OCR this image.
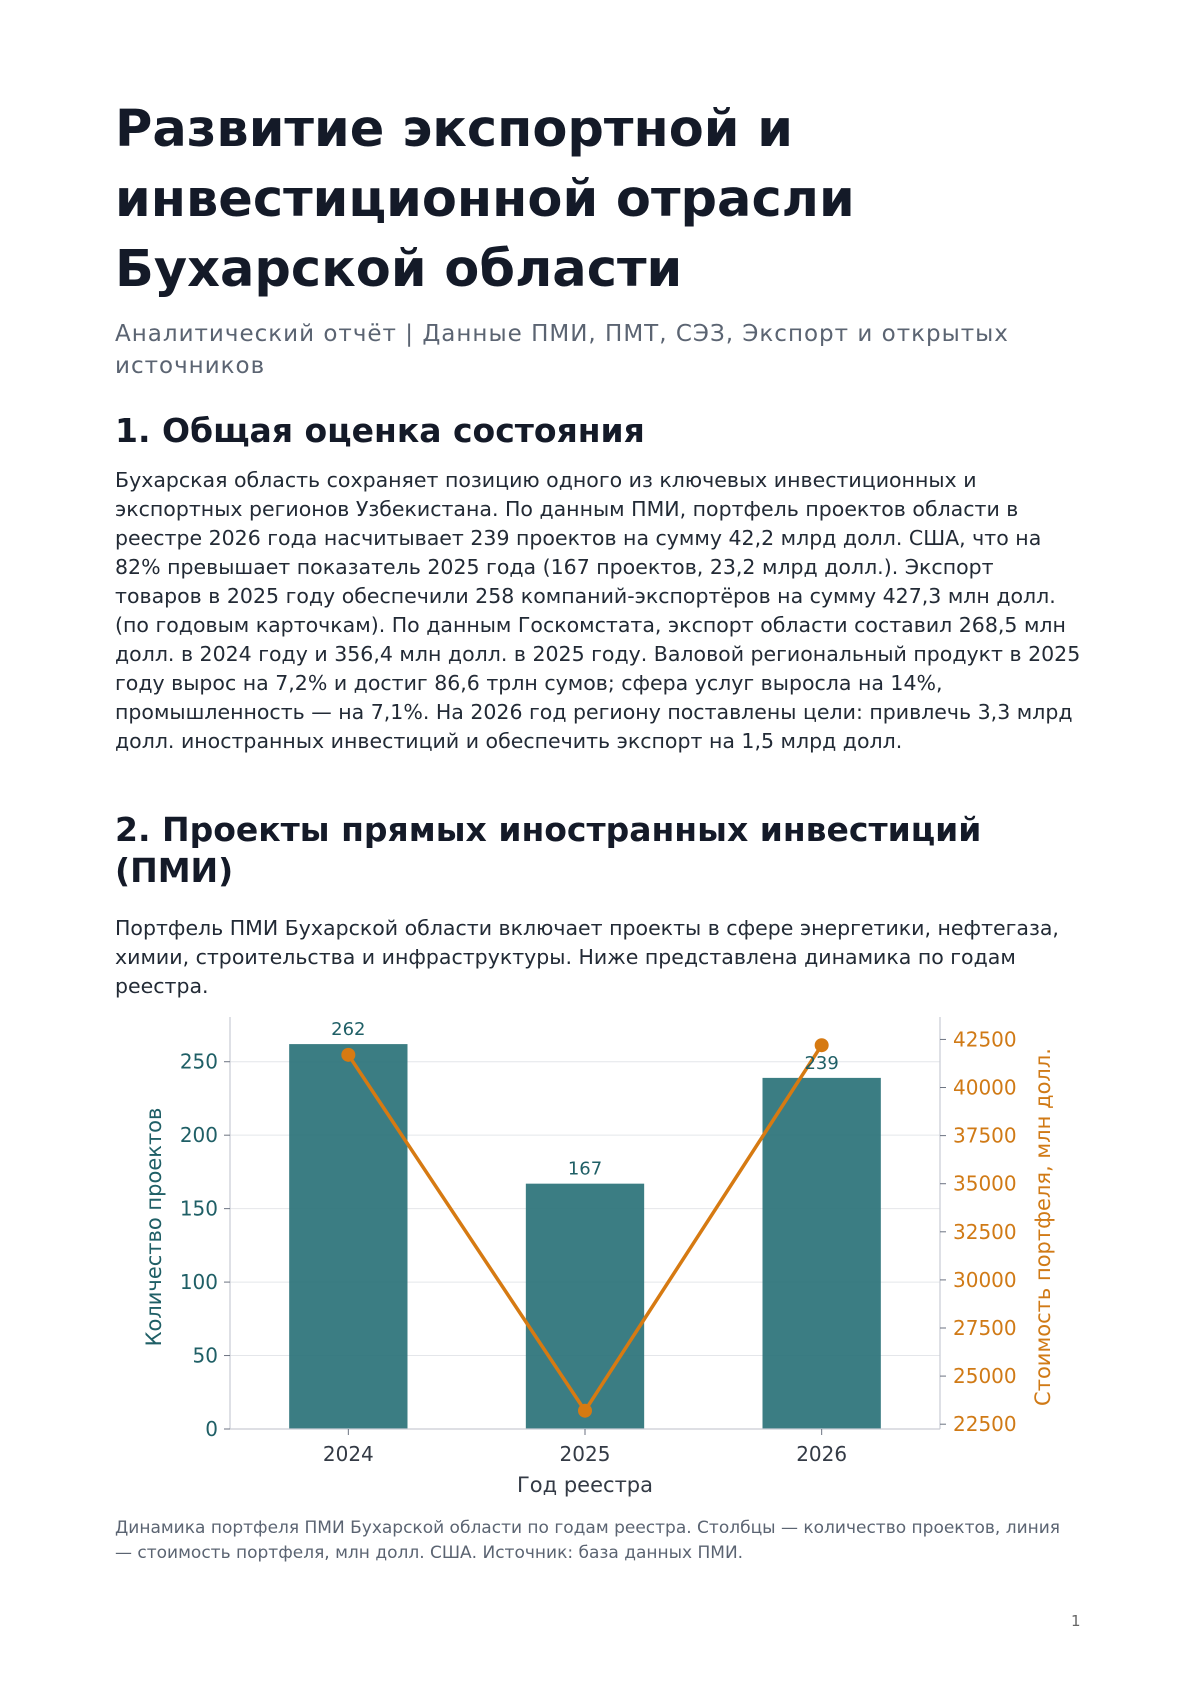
Развитие экспортной и инвестиционной отрасли Бухарской области

Аналитический отчёт | Данные ПМИ, ПМТ, СЭЗ, Экспорт и открытых источников

1. Общая оценка состояния

Бухарская область сохраняет позицию одного из ключевых инвестиционных и экспортных регионов Узбекистана. По данным ПМИ, портфель проектов области в реестре 2026 года насчитывает 239 проектов на сумму 42,2 млрд долл. США, что на 82% превышает показатель 2025 года (167 проектов, 23,2 млрд долл.). Экспорт товаров в 2025 году обеспечили 258 компаний-экспортёров на сумму 427,3 млн долл. (по годовым карточкам). По данным Госкомстата, экспорт области составил 268,5 млн долл. в 2024 году и 356,4 млн долл. в 2025 году. Валовой региональный продукт в 2025 году вырос на 7,2% и достиг 86,6 трлн сумов; сфера услуг выросла на 14%, промышленность — на 7,1%. На 2026 год региону поставлены цели: привлечь 3,3 млрд долл. иностранных инвестиций и обеспечить экспорт на 1,5 млрд долл.

2. Проекты прямых иностранных инвестиций (ПМИ)

Портфель ПМИ Бухарской области включает проекты в сфере энергетики, нефтегаза, химии, строительства и инфраструктуры. Ниже представлена динамика по годам реестра.

Динамика портфеля ПМИ Бухарской области по годам реестра. Столбцы — количество проектов, линия — стоимость портфеля, млн долл. США. Источник: база данных ПМИ.

0
50
100
150
200
250
22500
25000
27500
30000
32500
35000
37500
40000
42500
2024	2025	2026
Год реестра
Количество проектов	Стоимость портфеля, млн долл.
262
167
239
1
